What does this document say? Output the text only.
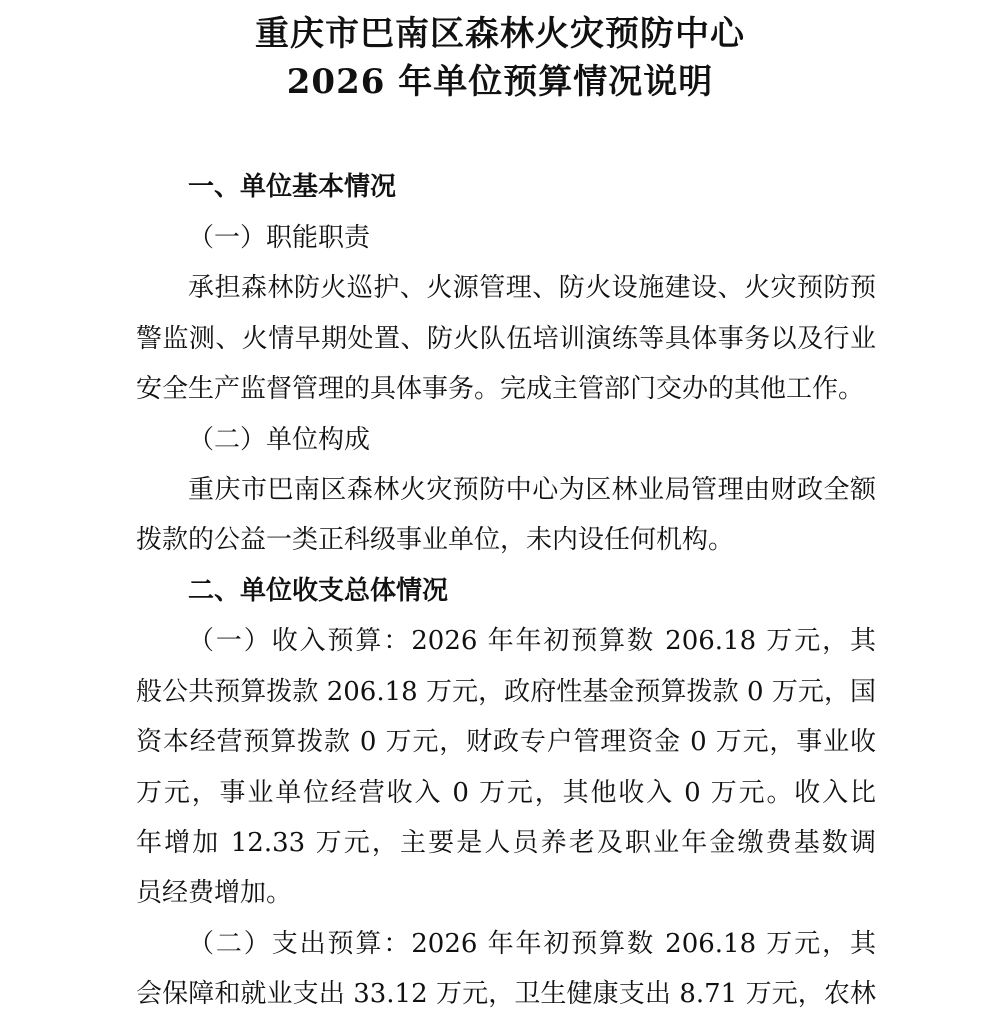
重庆市巴南区森林火灾预防中心
2026 年单位预算情况说明
一、单位基本情况
（一）职能职责
承担森林防火巡护、火源管理、防火设施建设、火灾预防预
警监测、火情早期处置、防火队伍培训演练等具体事务以及行业
安全生产监督管理的具体事务。完成主管部门交办的其他工作。
（二）单位构成
重庆市巴南区森林火灾预防中心为区林业局管理由财政全额
拨款的公益一类正科级事业单位，未内设任何机构。
二、单位收支总体情况
（一）收入预算：2026 年年初预算数 206.18 万元，其
般公共预算拨款 206.18 万元，政府性基金预算拨款 0 万元，国
资本经营预算拨款 0 万元，财政专户管理资金 0 万元，事业收
万元，事业单位经营收入 0 万元，其他收入 0 万元。收入比
年增加 12.33 万元，主要是人员养老及职业年金缴费基数调
员经费增加。
（二）支出预算：2026 年年初预算数 206.18 万元，其
会保障和就业支出 33.12 万元，卫生健康支出 8.71 万元，农林
